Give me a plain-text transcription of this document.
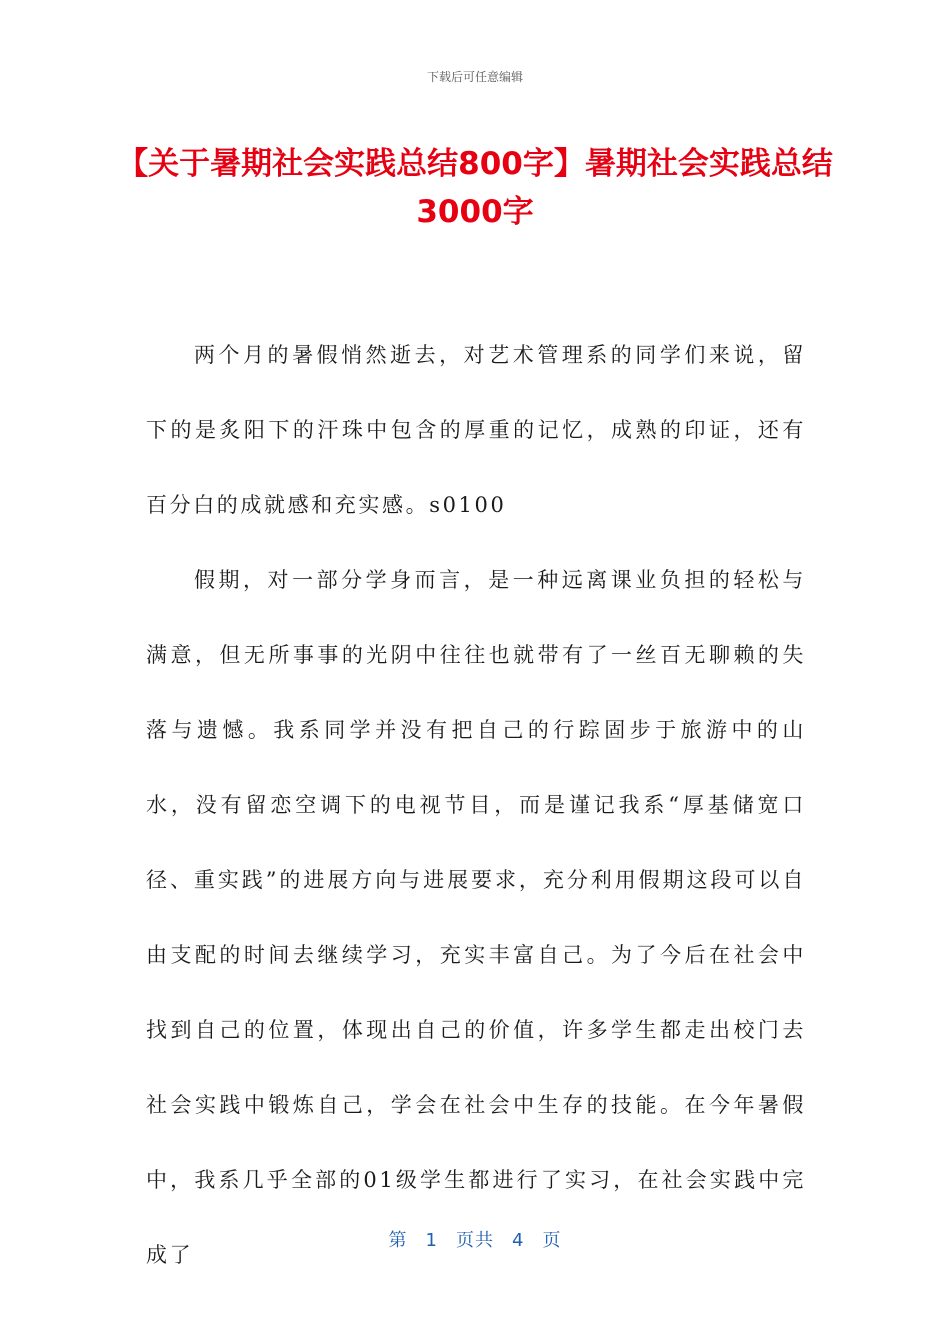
下载后可任意编辑
【关于暑期社会实践总结800字】暑期社会实践总结3000字

两个月的暑假悄然逝去，对艺术管理系的同学们来说，留下的是炙阳下的汗珠中包含的厚重的记忆，成熟的印证，还有百分白的成就感和充实感。s0100

假期，对一部分学身而言，是一种远离课业负担的轻松与满意，但无所事事的光阴中往往也就带有了一丝百无聊赖的失落与遗憾。我系同学并没有把自己的行踪固步于旅游中的山水，没有留恋空调下的电视节目，而是谨记我系“厚基储宽口径、重实践”的进展方向与进展要求，充分利用假期这段可以自由支配的时间去继续学习，充实丰富自己。为了今后在社会中找到自己的位置，体现出自己的价值，许多学生都走出校门去社会实践中锻炼自己，学会在社会中生存的技能。在今年暑假中，我系几乎全部的01级学生都进行了实习，在社会实践中完成了

第 1 页共 4 页
